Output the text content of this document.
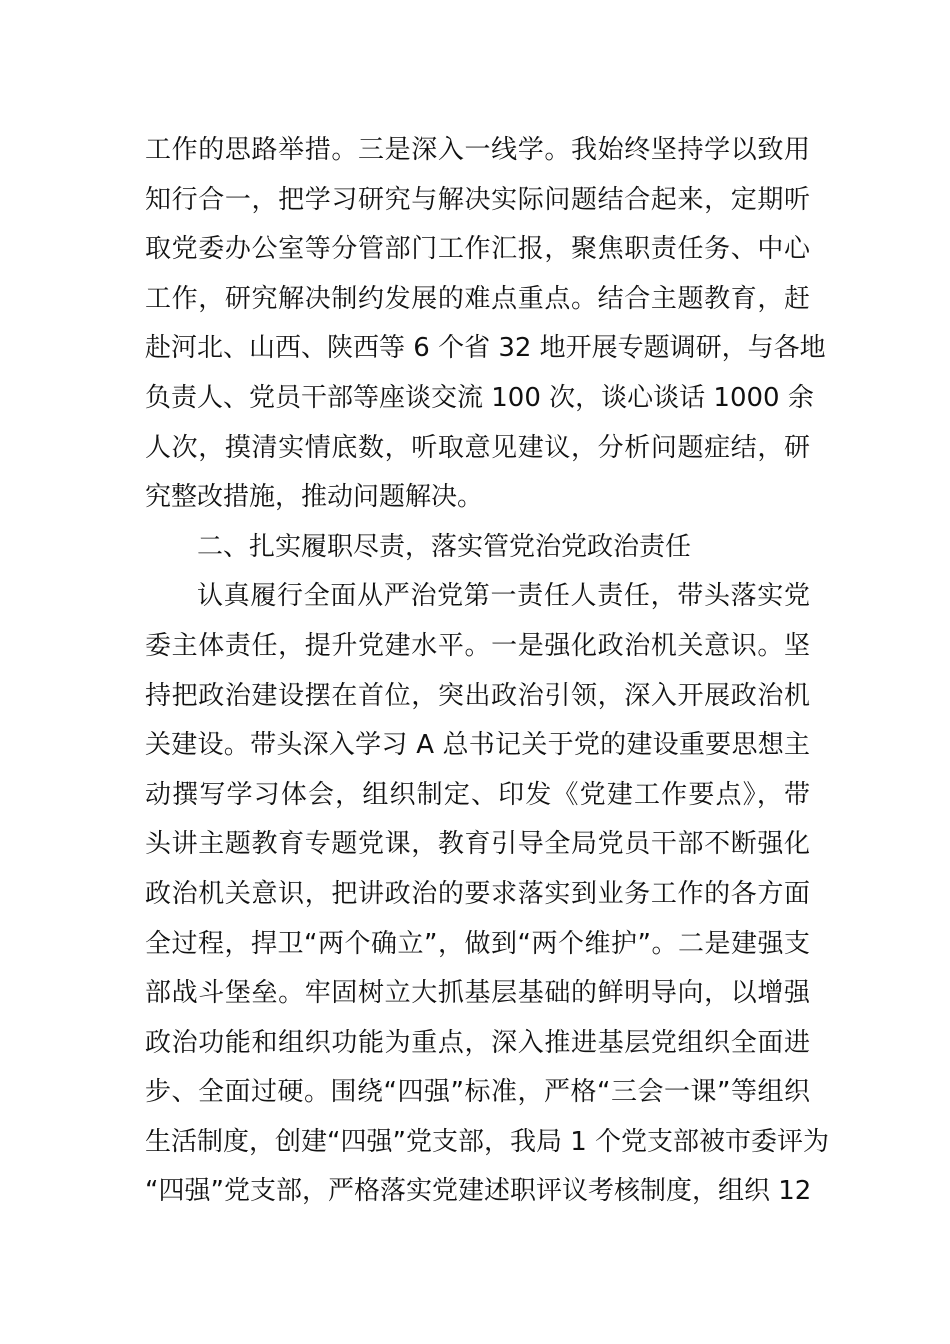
工作的思路举措。三是深入一线学。我始终坚持学以致用
知行合一，把学习研究与解决实际问题结合起来，定期听
取党委办公室等分管部门工作汇报，聚焦职责任务、中心
工作，研究解决制约发展的难点重点。结合主题教育，赶
赴河北、山西、陕西等 6 个省 32 地开展专题调研，与各地
负责人、党员干部等座谈交流 100 次，谈心谈话 1000 余
人次，摸清实情底数，听取意见建议，分析问题症结，研
究整改措施，推动问题解决。
二、扎实履职尽责，落实管党治党政治责任
认真履行全面从严治党第一责任人责任，带头落实党
委主体责任，提升党建水平。一是强化政治机关意识。坚
持把政治建设摆在首位，突出政治引领，深入开展政治机
关建设。带头深入学习 A 总书记关于党的建设重要思想主
动撰写学习体会，组织制定、印发《党建工作要点》，带
头讲主题教育专题党课，教育引导全局党员干部不断强化
政治机关意识，把讲政治的要求落实到业务工作的各方面
全过程，捍卫“两个确立”，做到“两个维护”。二是建强支
部战斗堡垒。牢固树立大抓基层基础的鲜明导向，以增强
政治功能和组织功能为重点，深入推进基层党组织全面进
步、全面过硬。围绕“四强”标准，严格“三会一课”等组织
生活制度，创建“四强”党支部，我局 1 个党支部被市委评为
“四强”党支部，严格落实党建述职评议考核制度，组织 12
